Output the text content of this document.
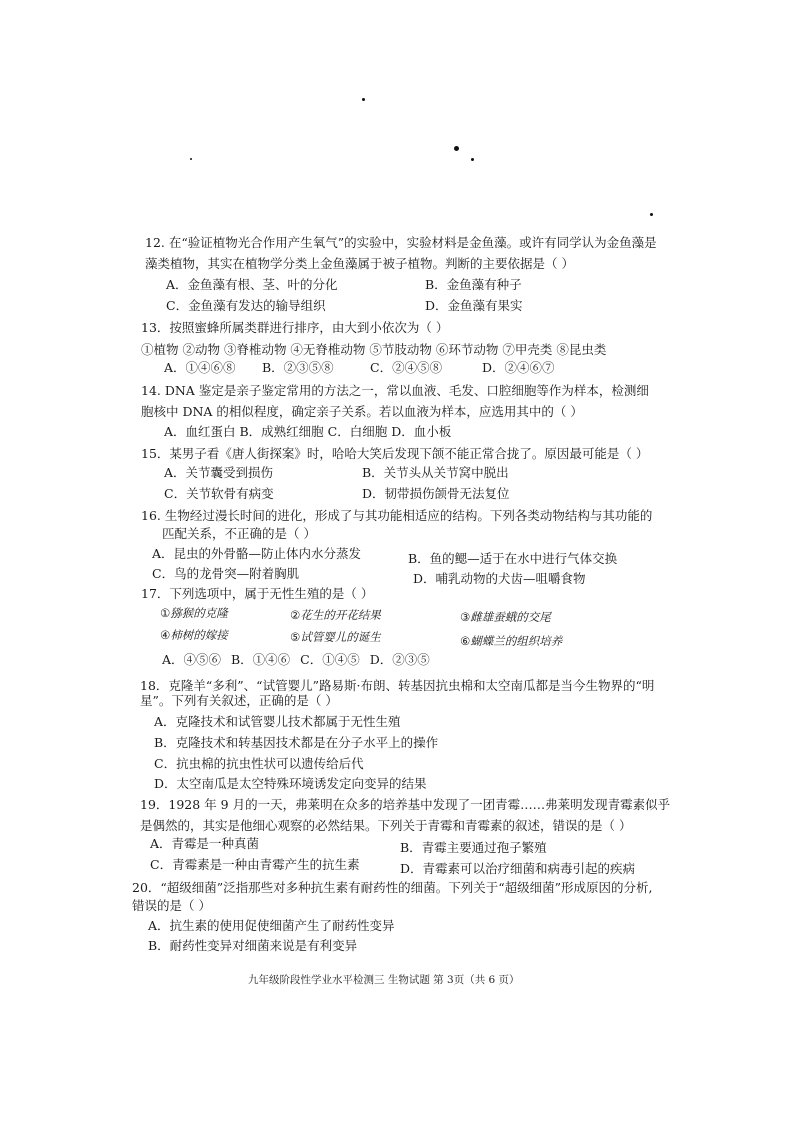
12. 在“验证植物光合作用产生氧气”的实验中，实验材料是金鱼藻。或许有同学认为金鱼藻是
藻类植物，其实在植物学分类上金鱼藻属于被子植物。判断的主要依据是（ ）
A．金鱼藻有根、茎、叶的分化	B．金鱼藻有种子
C．金鱼藻有发达的输导组织	D．金鱼藻有果实
13．按照蜜蜂所属类群进行排序，由大到小依次为（ ）
①植物 ②动物 ③脊椎动物 ④无脊椎动物 ⑤节肢动物 ⑥环节动物 ⑦甲壳类 ⑧昆虫类
A．①④⑥⑧ B．②③⑤⑧	C．②④⑤⑧	D．②④⑥⑦
14. DNA 鉴定是亲子鉴定常用的方法之一，常以血液、毛发、口腔细胞等作为样本，检测细
胞核中 DNA 的相似程度，确定亲子关系。若以血液为样本，应选用其中的（ ）
A．血红蛋白 B．成熟红细胞 C．白细胞 D．血小板
15．某男子看《唐人街探案》时，哈哈大笑后发现下颌不能正常合拢了。原因最可能是（ ）
A．关节囊受到损伤	B．关节头从关节窝中脱出
C．关节软骨有病变	D．韧带损伤颌骨无法复位
16. 生物经过漫长时间的进化，形成了与其功能相适应的结构。下列各类动物结构与其功能的
匹配关系，不正确的是（ ）
A．昆虫的外骨骼—防止体内水分蒸发	B．鱼的鳃—适于在水中进行气体交换
C．鸟的龙骨突—附着胸肌	D．哺乳动物的犬齿—咀嚼食物
17．下列选项中，属于无性生殖的是（ ）
①猕猴的克隆	②花生的开花结果	③雌雄蚕蛾的交尾
④柿树的嫁接	⑤试管婴儿的诞生	⑥蝴蝶兰的组织培养
A．④⑤⑥ B．①④⑥ C．①④⑤ D．②③⑤
18．克隆羊“多利”、“试管婴儿”路易斯·布朗、转基因抗虫棉和太空南瓜都是当今生物界的“明
星”。下列有关叙述，正确的是（ ）
A．克隆技术和试管婴儿技术都属于无性生殖
B．克隆技术和转基因技术都是在分子水平上的操作
C．抗虫棉的抗虫性状可以遗传给后代
D．太空南瓜是太空特殊环境诱发定向变异的结果
19．1928 年 9 月的一天，弗莱明在众多的培养基中发现了一团青霉……弗莱明发现青霉素似乎
是偶然的，其实是他细心观察的必然结果。下列关于青霉和青霉素的叙述，错误的是（ ）
A．青霉是一种真菌	B．青霉主要通过孢子繁殖
C．青霉素是一种由青霉产生的抗生素	D．青霉素可以治疗细菌和病毒引起的疾病
20．“超级细菌”泛指那些对多种抗生素有耐药性的细菌。下列关于“超级细菌”形成原因的分析,
错误的是（ ）
A．抗生素的使用促使细菌产生了耐药性变异
B．耐药性变异对细菌来说是有利变异
九年级阶段性学业水平检测三 生物试题 第 3页（共 6 页）
